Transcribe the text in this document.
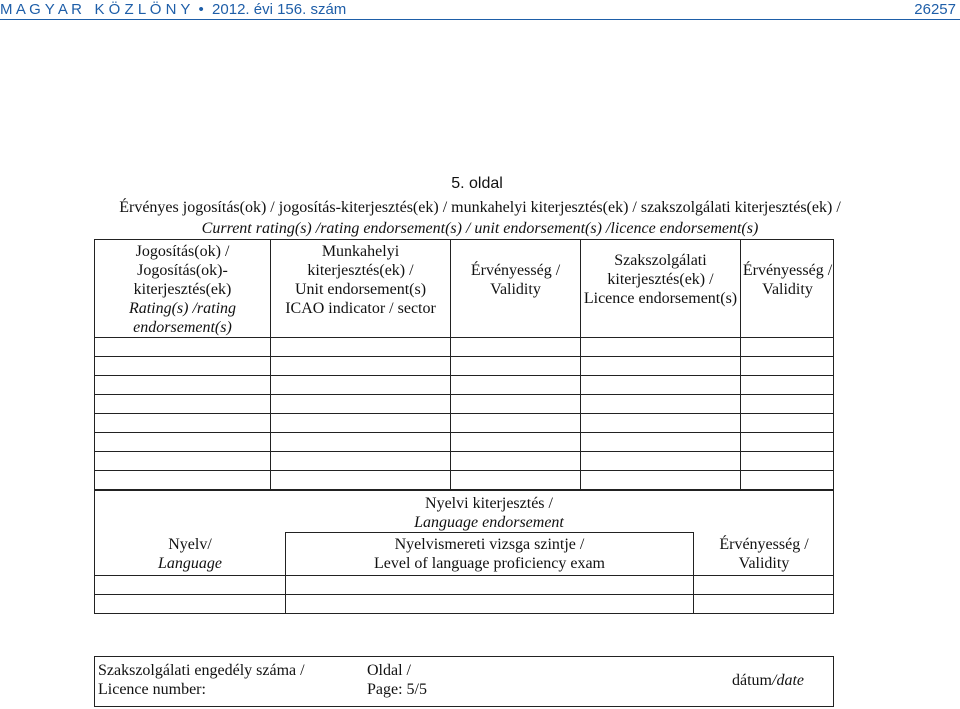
M A G Y A R   K Ö Z L Ö N Y • 2012. évi 156. szám	26257
5. oldal
Érvényes jogosítás(ok) / jogosítás-kiterjesztés(ek) / munkahelyi kiterjesztés(ek) / szakszolgálati kiterjesztés(ek) /
Current rating(s) /rating endorsement(s) / unit endorsement(s) /licence endorsement(s)
Jogosítás(ok) /
Jogosítás(ok)-
kiterjesztés(ek)
Rating(s) /rating
endorsement(s)
Munkahelyi
kiterjesztés(ek) /
Unit endorsement(s)
ICAO indicator / sector
Érvényesség /
Validity
Szakszolgálati
kiterjesztés(ek) /
Licence endorsement(s)
Érvényesség /
Validity
Nyelvi kiterjesztés /
Language endorsement
Nyelv/
Language
Nyelvismereti vizsga szintje /
Level of language proficiency exam
Érvényesség /
Validity
Szakszolgálati engedély száma /
Licence number:
Oldal /
Page: 5/5
dátum/date
